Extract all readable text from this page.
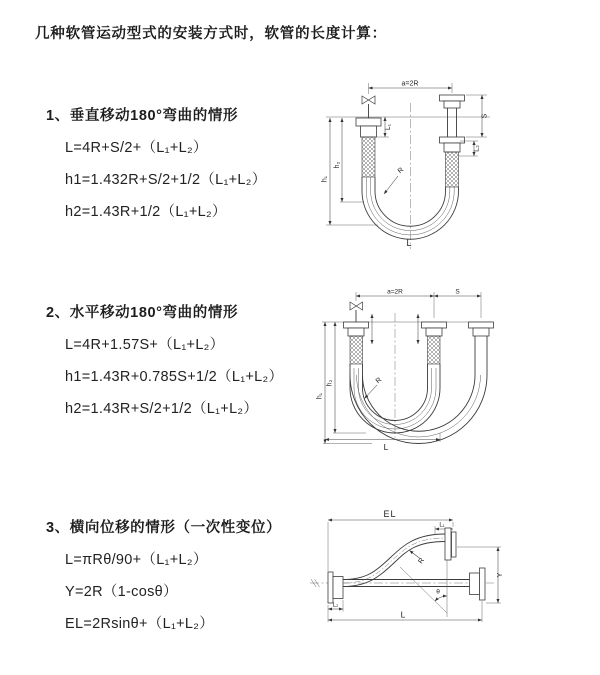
几种软管运动型式的安装方式时，软管的长度计算：
1、垂直移动180°弯曲的情形
L=4R+S/2+（L₁+L₂）
h1=1.432R+S/2+1/2（L₁+L₂）
h2=1.43R+1/2（L₁+L₂）
2、水平移动180°弯曲的情形
L=4R+1.57S+（L₁+L₂）
h1=1.43R+0.785S+1/2（L₁+L₂）
h2=1.43R+S/2+1/2（L₁+L₂）
3、横向位移的情形（一次性变位）
L=πRθ/90+（L₁+L₂）
Y=2R（1-cosθ）
EL=2Rsinθ+（L₁+L₂）
a=2R
h₁
h₂
L₁
S
L₂
R
L
a=2R	S
h₁
h₂	R
L
EL
L₁
Y
θ
R
L₂
L
